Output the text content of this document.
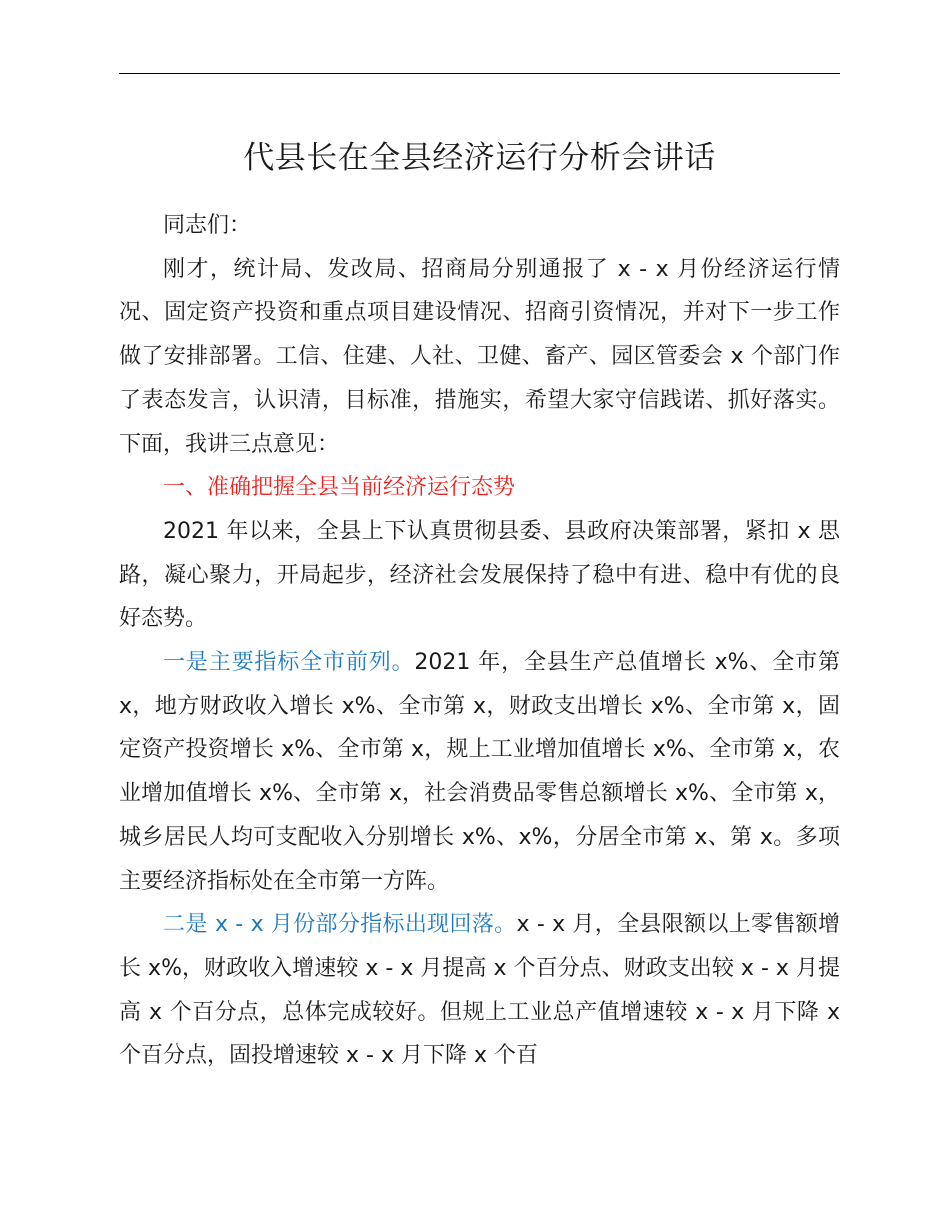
代县长在全县经济运行分析会讲话

同志们：

刚才，统计局、发改局、招商局分别通报了 x - x 月份经济运行情况、固定资产投资和重点项目建设情况、招商引资情况，并对下一步工作做了安排部署。工信、住建、人社、卫健、畜产、园区管委会 x 个部门作了表态发言，认识清，目标准，措施实，希望大家守信践诺、抓好落实。下面，我讲三点意见：

一、准确把握全县当前经济运行态势

2021 年以来，全县上下认真贯彻县委、县政府决策部署，紧扣 x 思路，凝心聚力，开局起步，经济社会发展保持了稳中有进、稳中有优的良好态势。

一是主要指标全市前列。2021 年，全县生产总值增长 x%、全市第 x，地方财政收入增长 x%、全市第 x，财政支出增长 x%、全市第 x，固定资产投资增长 x%、全市第 x，规上工业增加值增长 x%、全市第 x，农业增加值增长 x%、全市第 x，社会消费品零售总额增长 x%、全市第 x，城乡居民人均可支配收入分别增长 x%、x%，分居全市第 x、第 x。多项主要经济指标处在全市第一方阵。

二是 x - x 月份部分指标出现回落。x - x 月，全县限额以上零售额增长 x%，财政收入增速较 x - x 月提高 x 个百分点、财政支出较 x - x 月提高 x 个百分点，总体完成较好。但规上工业总产值增速较 x - x 月下降 x 个百分点，固投增速较 x - x 月下降 x 个百
